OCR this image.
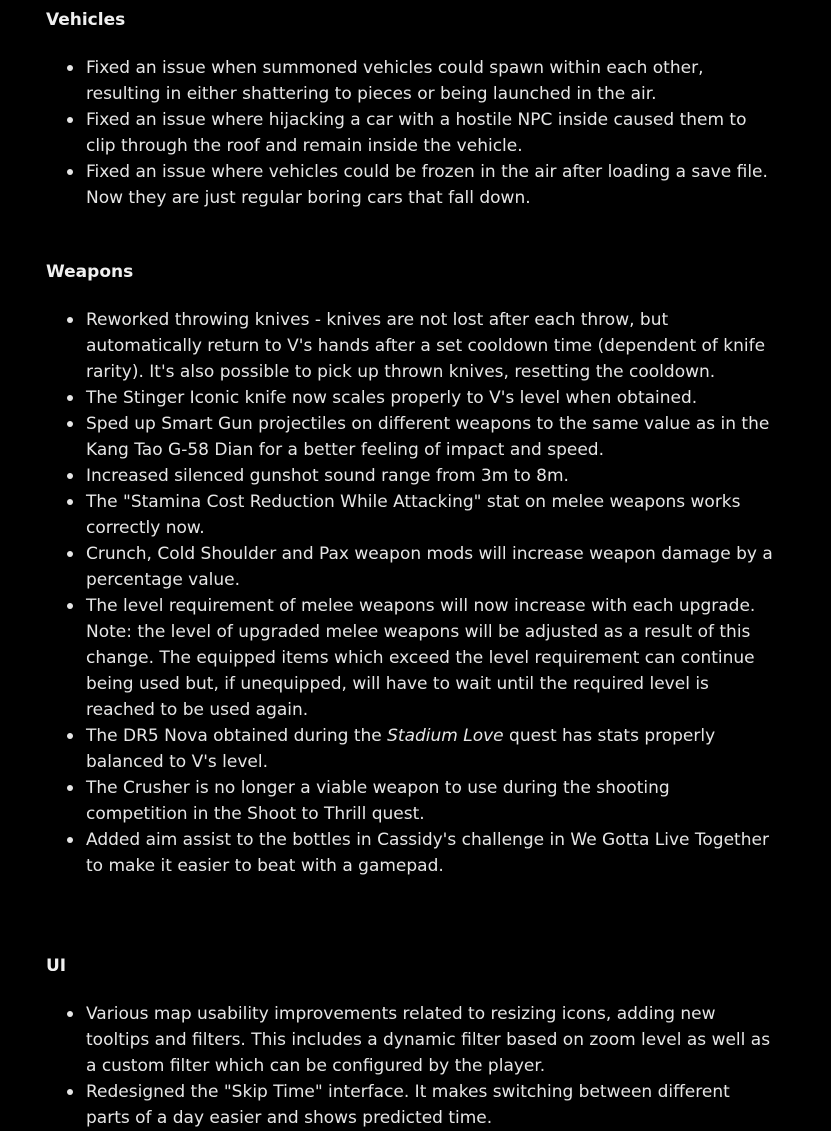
Vehicles
Fixed an issue when summoned vehicles could spawn within each other, resulting in either shattering to pieces or being launched in the air.
Fixed an issue where hijacking a car with a hostile NPC inside caused them to clip through the roof and remain inside the vehicle.
Fixed an issue where vehicles could be frozen in the air after loading a save file. Now they are just regular boring cars that fall down.
Weapons
Reworked throwing knives - knives are not lost after each throw, but automatically return to V's hands after a set cooldown time (dependent of knife rarity). It's also possible to pick up thrown knives, resetting the cooldown.
The Stinger Iconic knife now scales properly to V's level when obtained.
Sped up Smart Gun projectiles on different weapons to the same value as in the Kang Tao G-58 Dian for a better feeling of impact and speed.
Increased silenced gunshot sound range from 3m to 8m.
The "Stamina Cost Reduction While Attacking" stat on melee weapons works correctly now.
Crunch, Cold Shoulder and Pax weapon mods will increase weapon damage by a percentage value.
The level requirement of melee weapons will now increase with each upgrade. Note: the level of upgraded melee weapons will be adjusted as a result of this change. The equipped items which exceed the level requirement can continue being used but, if unequipped, will have to wait until the required level is reached to be used again.
The DR5 Nova obtained during the Stadium Love quest has stats properly balanced to V's level.
The Crusher is no longer a viable weapon to use during the shooting competition in the Shoot to Thrill quest.
Added aim assist to the bottles in Cassidy's challenge in We Gotta Live Together to make it easier to beat with a gamepad.
UI
Various map usability improvements related to resizing icons, adding new tooltips and filters. This includes a dynamic filter based on zoom level as well as a custom filter which can be configured by the player.
Redesigned the "Skip Time" interface. It makes switching between different parts of a day easier and shows predicted time.
